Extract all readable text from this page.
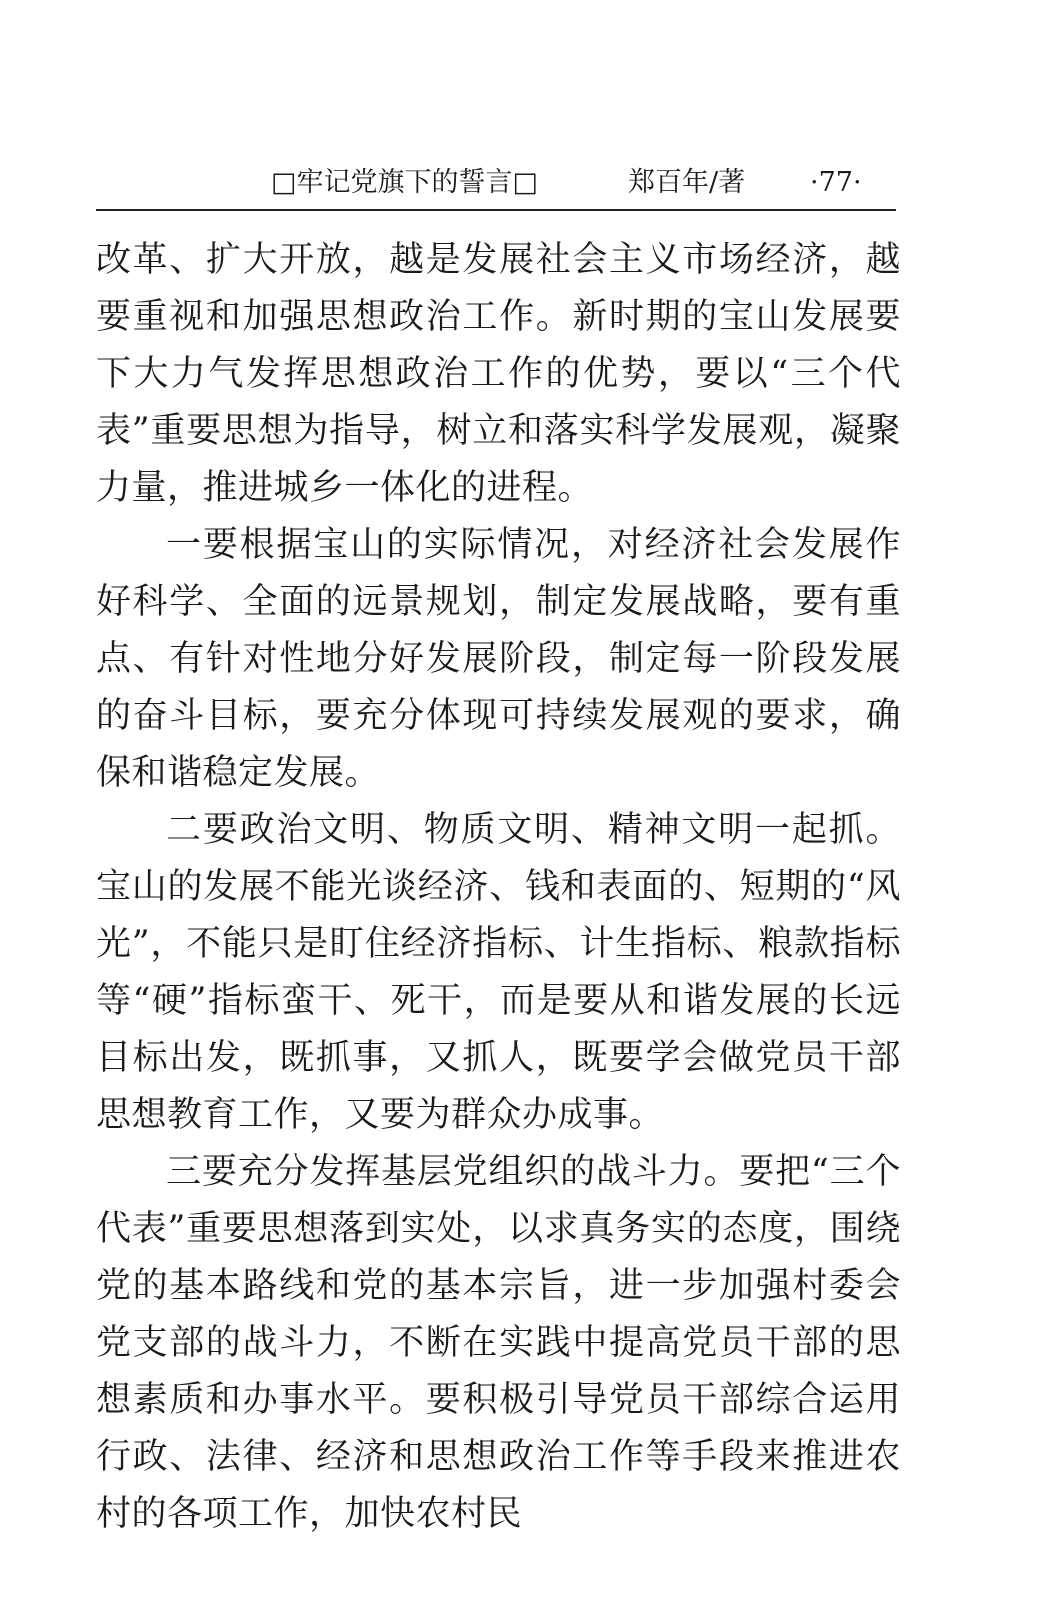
□牢记党旗下的誓言□	郑百年/著 ·77·

改革、扩大开放，越是发展社会主义市场经济，越要重视和加强思想政治工作。新时期的宝山发展要下大力气发挥思想政治工作的优势，要以“三个代表”重要思想为指导，树立和落实科学发展观，凝聚力量，推进城乡一体化的进程。

一要根据宝山的实际情况，对经济社会发展作好科学、全面的远景规划，制定发展战略，要有重点、有针对性地分好发展阶段，制定每一阶段发展的奋斗目标，要充分体现可持续发展观的要求，确保和谐稳定发展。

二要政治文明、物质文明、精神文明一起抓。宝山的发展不能光谈经济、钱和表面的、短期的“风光”，不能只是盯住经济指标、计生指标、粮款指标等“硬”指标蛮干、死干，而是要从和谐发展的长远目标出发，既抓事，又抓人，既要学会做党员干部思想教育工作，又要为群众办成事。

三要充分发挥基层党组织的战斗力。要把“三个代表”重要思想落到实处，以求真务实的态度，围绕党的基本路线和党的基本宗旨，进一步加强村委会党支部的战斗力，不断在实践中提高党员干部的思想素质和办事水平。要积极引导党员干部综合运用行政、法律、经济和思想政治工作等手段来推进农村的各项工作，加快农村民
